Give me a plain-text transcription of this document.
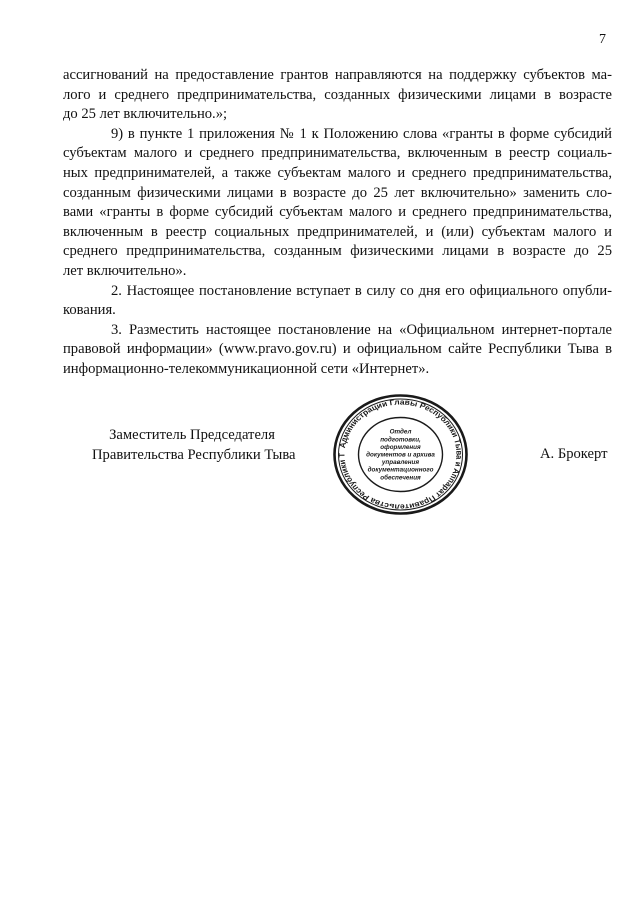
7
ассигнований на предоставление грантов направляются на поддержку субъектов ма-
лого и среднего предпринимательства, созданных физическими лицами в возрасте
до 25 лет включительно.»;
9) в пункте 1 приложения № 1 к Положению слова «гранты в форме субсидий
субъектам малого и среднего предпринимательства, включенным в реестр социаль-
ных предпринимателей, а также субъектам малого и среднего предпринимательства,
созданным физическими лицами в возрасте до 25 лет включительно» заменить сло-
вами «гранты в форме субсидий субъектам малого и среднего предпринимательства,
включенным в реестр социальных предпринимателей, и (или) субъектам малого и
среднего предпринимательства, созданным физическими лицами в возрасте до 25
лет включительно».
2. Настоящее постановление вступает в силу со дня его официального опубли-
кования.
3. Разместить настоящее постановление на «Официальном интернет-портале
правовой информации» (www.pravo.gov.ru) и официальном сайте Республики Тыва в
информационно-телекоммуникационной сети «Интернет».
Заместитель Председателя
Правительства Республики Тыва
Администрации Главы Республики Тыва и Аппарат Правительства Республики Т
Отдел
подготовки,
оформления
документов и архива
управления
документационного
обеспечения
А. Брокерт
